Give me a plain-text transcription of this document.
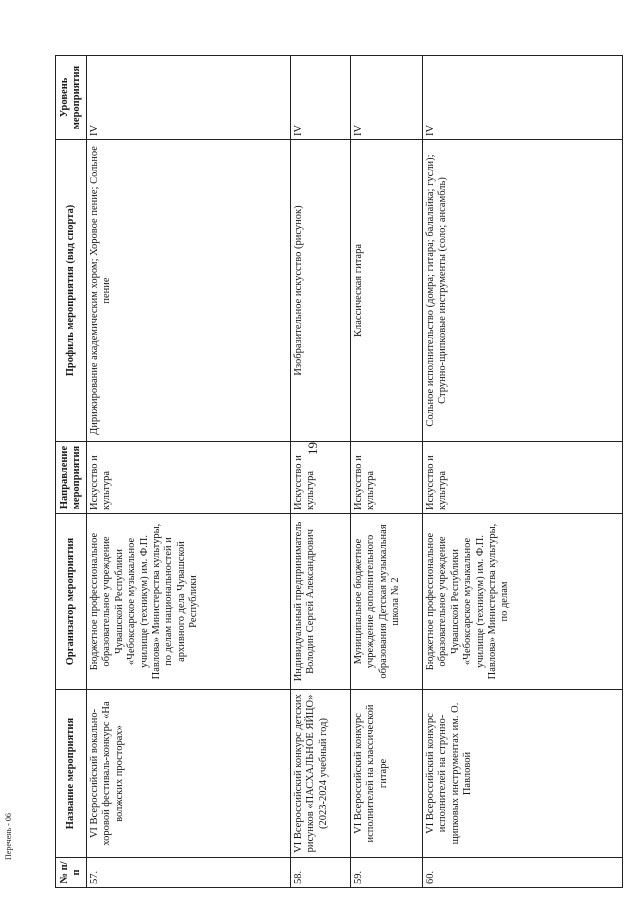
19
Перечень - 06
№ п/п	Название мероприятия	Организатор мероприятия	Направление мероприятия	Профиль мероприятия (вид спорта)	Уровень мероприятия
57.	VI Всероссийский вокально-хоровой фестиваль-конкурс «На волжских просторах»	Бюджетное профессиональное образовательное учреждение Чувашской Республики «Чебоксарское музыкальное училище (техникум) им. Ф.П. Павлова» Министерства культуры, по делам национальностей и архивного дела Чувашской Республики	Искусство и культура	Дирижирование академическим хором; Хоровое пение; Сольное пение	IV
58.	VI Всероссийский конкурс детских рисунков «ПАСХАЛЬНОЕ ЯЙЦО» (2023-2024 учебный год)	Индивидуальный предприниматель Володин Сергей Александрович	Искусство и культура	Изобразительное искусство (рисунок)	IV
59.	VI Всероссийский конкурс исполнителей на классической гитаре	Муниципальное бюджетное учреждение дополнительного образования Детская музыкальная школа № 2	Искусство и культура	Классическая гитара	IV
60.	VI Всероссийский конкурс исполнителей на струнно-щипковых инструментах им. О. Павловой	Бюджетное профессиональное образовательное учреждение Чувашской Республики «Чебоксарское музыкальное училище (техникум) им. Ф.П. Павлова» Министерства культуры, по делам	Искусство и культура	Сольное исполнительство (домра; гитара; балалайка; гусли); Струнно-щипковые инструменты (соло; ансамбль)	IV
